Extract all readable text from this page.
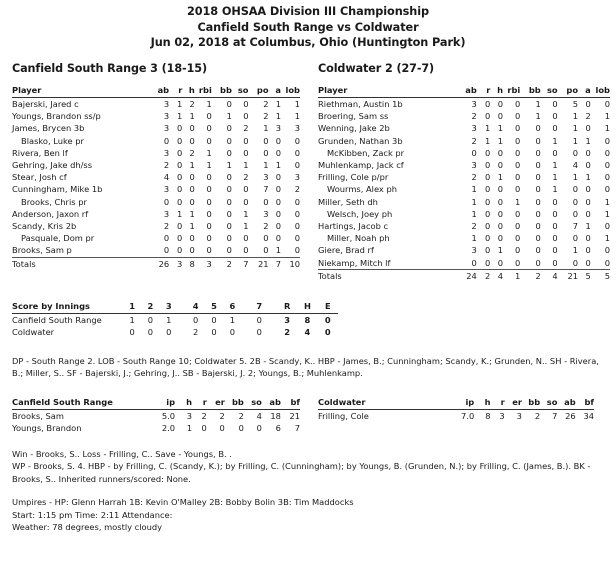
2018 OHSAA Division III Championship
Canfield South Range vs Coldwater
Jun 02, 2018 at Columbus, Ohio (Huntington Park)
Canfield South Range 3 (18-15)
Player	ab	r	h	rbi	bb	so	po	a	lob
Bajerski, Jared c	3	1	2	1	0	0	2	1	1
Youngs, Brandon ss/p	3	1	1	0	1	0	2	1	1
James, Brycen 3b	3	0	0	0	0	2	1	3	3
Blasko, Luke pr	0	0	0	0	0	0	0	0	0
Rivera, Ben lf	3	0	2	1	0	0	0	0	0
Gehring, Jake dh/ss	2	0	1	1	1	1	1	1	0
Stear, Josh cf	4	0	0	0	0	2	3	0	3
Cunningham, Mike 1b	3	0	0	0	0	0	7	0	2
Brooks, Chris pr	0	0	0	0	0	0	0	0	0
Anderson, Jaxon rf	3	1	1	0	0	1	3	0	0
Scandy, Kris 2b	2	0	1	0	0	1	2	0	0
Pasquale, Dom pr	0	0	0	0	0	0	0	0	0
Brooks, Sam p	0	0	0	0	0	0	0	1	0
Totals	26	3	8	3	2	7	21	7	10
Coldwater 2 (27-7)
Player	ab	r	h	rbi	bb	so	po	a	lob
Riethman, Austin 1b	3	0	0	0	1	0	5	0	0
Broering, Sam ss	2	0	0	0	1	0	1	2	1
Wenning, Jake 2b	3	1	1	0	0	0	1	0	1
Grunden, Nathan 3b	2	1	1	0	0	1	1	1	0
McKibben, Zack pr	0	0	0	0	0	0	0	0	0
Muhlenkamp, Jack cf	3	0	0	0	0	1	4	0	0
Frilling, Cole p/pr	2	0	1	0	0	1	1	1	0
Wourms, Alex ph	1	0	0	0	0	1	0	0	0
Miller, Seth dh	1	0	0	1	0	0	0	0	1
Welsch, Joey ph	1	0	0	0	0	0	0	0	1
Hartings, Jacob c	2	0	0	0	0	0	7	1	0
Miller, Noah ph	1	0	0	0	0	0	0	0	1
Giere, Brad rf	3	0	1	0	0	0	1	0	0
Niekamp, Mitch lf	0	0	0	0	0	0	0	0	0
Totals	24	2	4	1	2	4	21	5	5
Score by Innings	1	2	3		4	5	6		7		R	H	E
Canfield South Range	1	0	1		0	0	1		0		3	8	0
Coldwater	0	0	0		2	0	0		0		2	4	0

DP - South Range 2. LOB - South Range 10; Coldwater 5. 2B - Scandy, K.. HBP - James, B.; Cunningham; Scandy, K.; Grunden, N.. SH - Rivera, B.; Miller, S.. SF - Bajerski, J.; Gehring, J.. SB - Bajerski, J. 2; Youngs, B.; Muhlenkamp.

Canfield South Range	ip	h	r	er	bb	so	ab	bf
Brooks, Sam	5.0	3	2	2	2	4	18	21
Youngs, Brandon	2.0	1	0	0	0	0	6	7
Coldwater	ip	h	r	er	bb	so	ab	bf
Frilling, Cole	7.0	8	3	3	2	7	26	34

Win - Brooks, S.. Loss - Frilling, C.. Save - Youngs, B. .

WP - Brooks, S. 4. HBP - by Frilling, C. (Scandy, K.); by Frilling, C. (Cunningham); by Youngs, B. (Grunden, N.); by Frilling, C. (James, B.). BK - Brooks, S.. Inherited runners/scored: None.

Umpires - HP: Glenn Harrah 1B: Kevin O'Malley 2B: Bobby Bolin 3B: Tim Maddocks

Start: 1:15 pm Time: 2:11 Attendance:

Weather: 78 degrees, mostly cloudy
